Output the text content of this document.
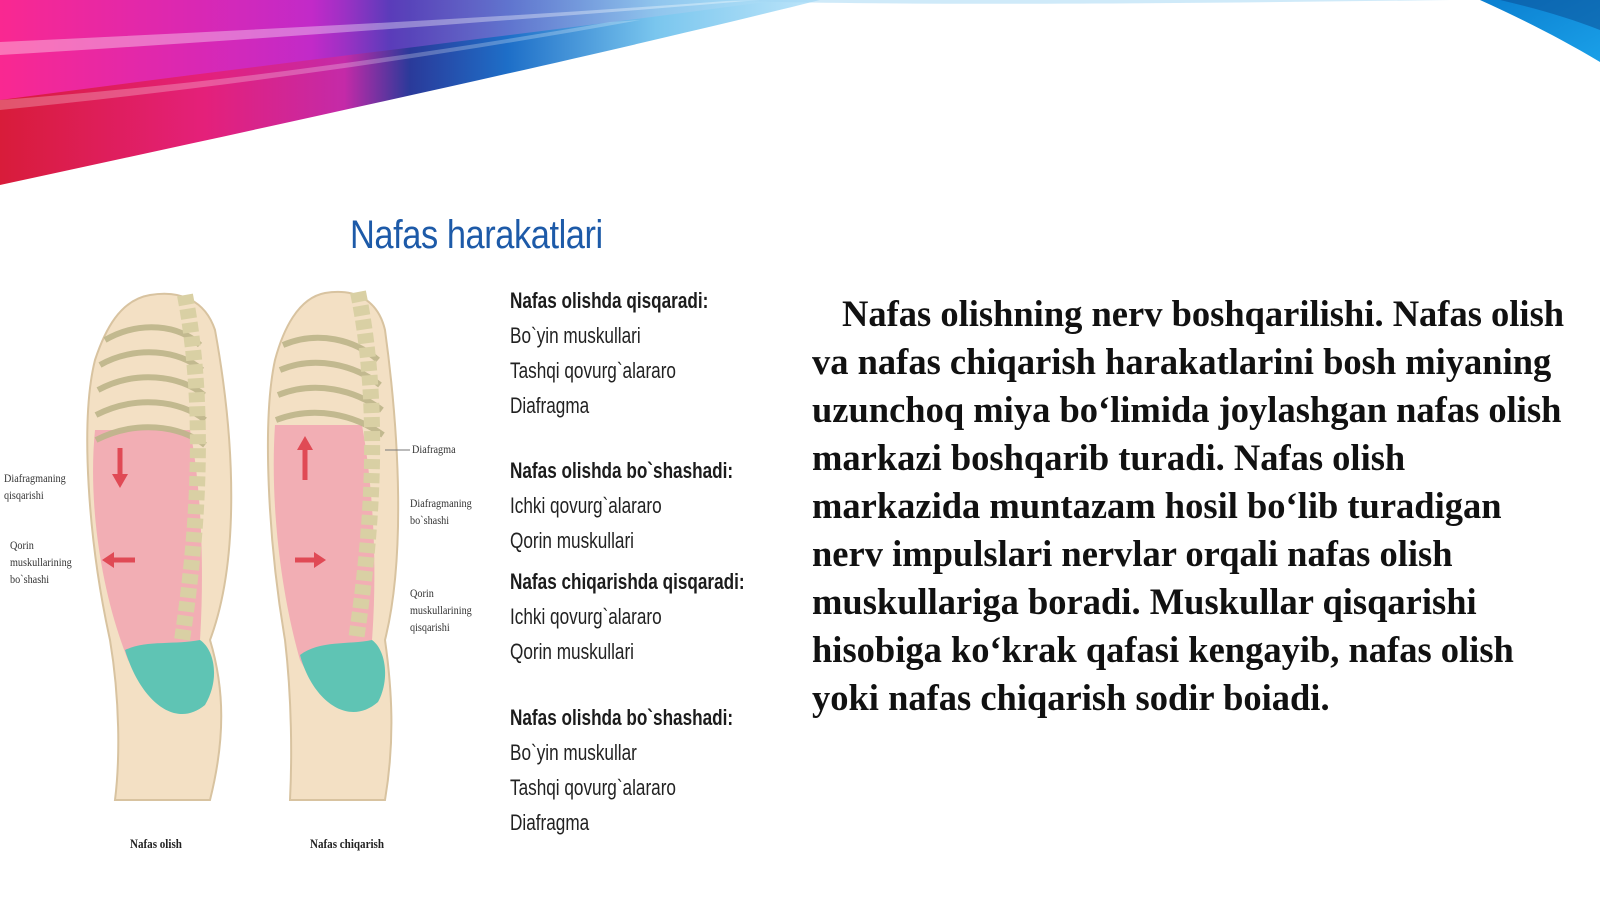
Nafas harakatlari
Diafragmaning
qisqarishi
Qorin
muskullarining
bo`shashi
Diafragma
Diafragmaning
bo`shashi
Qorin
muskullarining
qisqarishi
Nafas olish	Nafas chiqarish
Nafas olishda qisqaradi:
Bo`yin muskullari
Tashqi qovurg`alararo
Diafragma
Nafas olishda bo`shashadi:
Ichki qovurg`alararo
Qorin muskullari
Nafas chiqarishda qisqaradi:
Ichki qovurg`alararo
Qorin muskullari
Nafas olishda bo`shashadi:
Bo`yin muskullar
Tashqi qovurg`alararo
Diafragma
Nafas olishning nerv boshqarilishi. Nafas olish va nafas chiqarish harakatlarini bosh miyaning uzunchoq miya bo‘limida joylashgan nafas olish markazi boshqarib turadi. Nafas olish markazida muntazam hosil bo‘lib turadigan nerv impulslari nervlar orqali nafas olish muskullariga boradi. Muskullar qisqarishi hisobiga ko‘krak qafasi kengayib, nafas olish yoki nafas chiqarish sodir boiadi.
